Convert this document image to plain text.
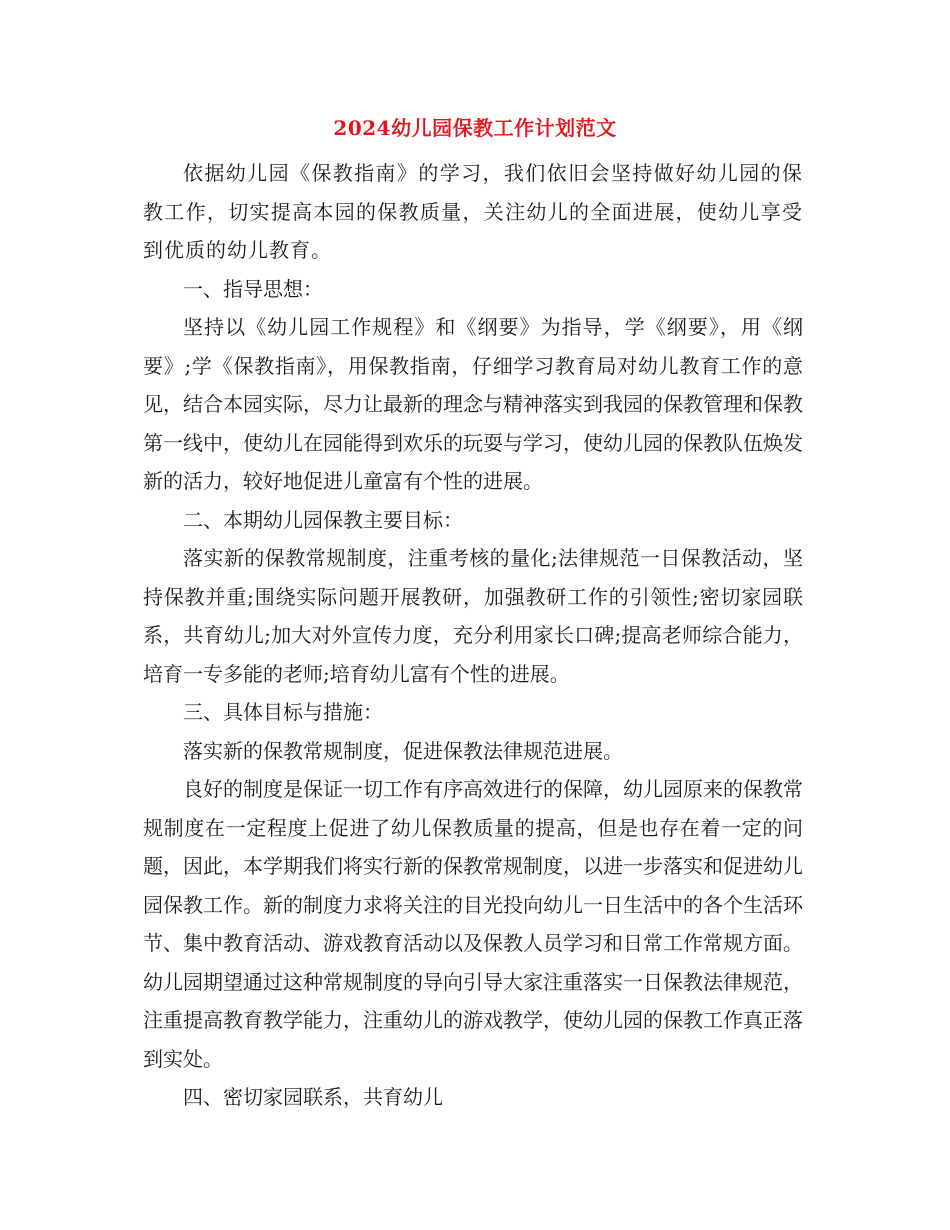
2024幼儿园保教工作计划范文

依据幼儿园《保教指南》的学习，我们依旧会坚持做好幼儿园的保教工作，切实提高本园的保教质量，关注幼儿的全面进展，使幼儿享受到优质的幼儿教育。

一、指导思想：

坚持以《幼儿园工作规程》和《纲要》为指导，学《纲要》，用《纲要》;学《保教指南》，用保教指南，仔细学习教育局对幼儿教育工作的意见，结合本园实际，尽力让最新的理念与精神落实到我园的保教管理和保教第一线中，使幼儿在园能得到欢乐的玩耍与学习，使幼儿园的保教队伍焕发新的活力，较好地促进儿童富有个性的进展。

二、本期幼儿园保教主要目标：

落实新的保教常规制度，注重考核的量化;法律规范一日保教活动，坚持保教并重;围绕实际问题开展教研，加强教研工作的引领性;密切家园联系，共育幼儿;加大对外宣传力度，充分利用家长口碑;提高老师综合能力，培育一专多能的老师;培育幼儿富有个性的进展。

三、具体目标与措施：

落实新的保教常规制度，促进保教法律规范进展。

良好的制度是保证一切工作有序高效进行的保障，幼儿园原来的保教常规制度在一定程度上促进了幼儿保教质量的提高，但是也存在着一定的问题，因此，本学期我们将实行新的保教常规制度，以进一步落实和促进幼儿园保教工作。新的制度力求将关注的目光投向幼儿一日生活中的各个生活环节、集中教育活动、游戏教育活动以及保教人员学习和日常工作常规方面。幼儿园期望通过这种常规制度的导向引导大家注重落实一日保教法律规范，注重提高教育教学能力，注重幼儿的游戏教学，使幼儿园的保教工作真正落到实处。

四、密切家园联系，共育幼儿
